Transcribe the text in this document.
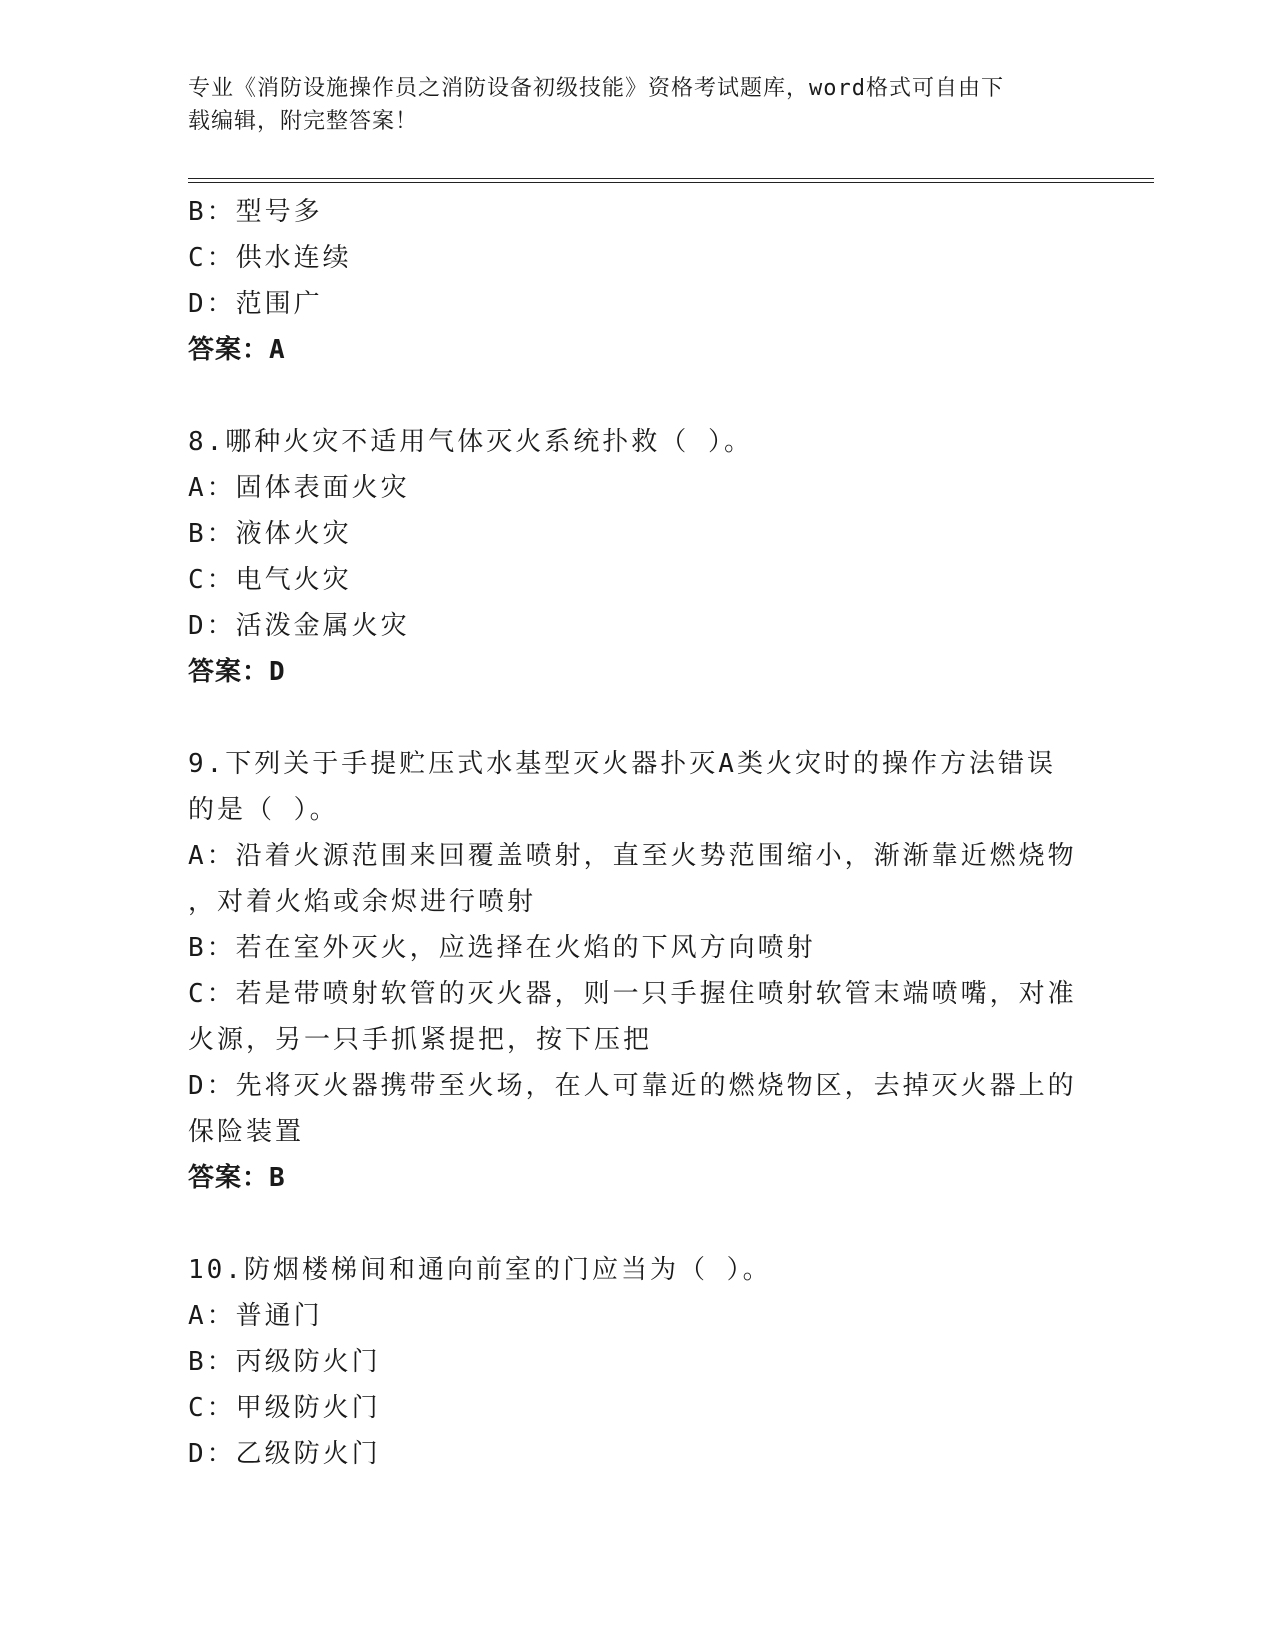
专业《消防设施操作员之消防设备初级技能》资格考试题库，word格式可自由下
载编辑，附完整答案！
B：型号多
C：供水连续
D：范围广
答案：A
8.哪种火灾不适用气体灭火系统扑救（ ）。
A：固体表面火灾
B：液体火灾
C：电气火灾
D：活泼金属火灾
答案：D
9.下列关于手提贮压式水基型灭火器扑灭A类火灾时的操作方法错误
的是（ ）。
A：沿着火源范围来回覆盖喷射，直至火势范围缩小，渐渐靠近燃烧物
，对着火焰或余烬进行喷射
B：若在室外灭火，应选择在火焰的下风方向喷射
C：若是带喷射软管的灭火器，则一只手握住喷射软管末端喷嘴，对准
火源，另一只手抓紧提把，按下压把
D：先将灭火器携带至火场，在人可靠近的燃烧物区，去掉灭火器上的
保险装置
答案：B
10.防烟楼梯间和通向前室的门应当为（ ）。
A：普通门
B：丙级防火门
C：甲级防火门
D：乙级防火门
